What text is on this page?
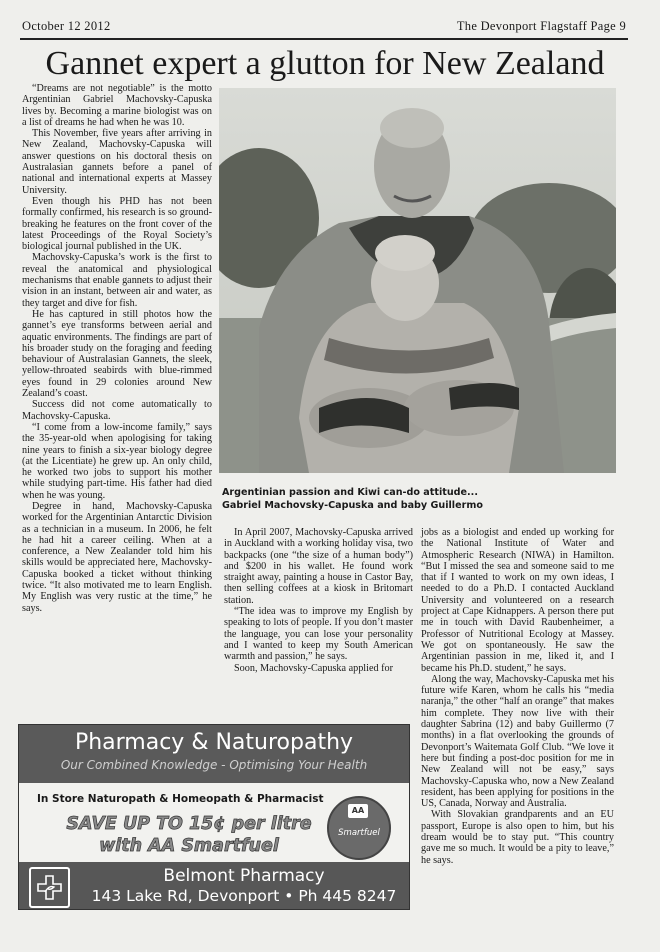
October 12 2012	The Devonport Flagstaff Page 9
Gannet expert a glutton for New Zealand

“Dreams are not negotiable” is the motto Argentinian Gabriel Machovsky-Capuska lives by. Becoming a marine biologist was on a list of dreams he had when he was 10.

This November, five years after arriving in New Zealand, Machovsky-Capuska will answer questions on his doctoral thesis on Australasian gannets before a panel of national and international experts at Massey University.

Even though his PHD has not been formally confirmed, his research is so ground-breaking he features on the front cover of the latest Proceedings of the Royal Society’s biological journal published in the UK.

Machovsky-Capuska’s work is the first to reveal the anatomical and physiological mechanisms that enable gannets to adjust their vision in an instant, between air and water, as they target and dive for fish.

He has captured in still photos how the gannet’s eye transforms between aerial and aquatic environments. The findings are part of his broader study on the foraging and feeding behaviour of Australasian Gannets, the sleek, yellow-throated seabirds with blue-rimmed eyes found in 29 colonies around New Zealand’s coast.

Success did not come automatically to Machovsky-Capuska.

“I come from a low-income family,” says the 35-year-old when apologising for taking nine years to finish a six-year biology degree (at the Licentiate) he grew up. An only child, he worked two jobs to support his mother while studying part-time. His father had died when he was young.

Degree in hand, Machovsky-Capuska worked for the Argentinian Antarctic Division as a technician in a museum. In 2006, he felt he had hit a career ceiling. When at a conference, a New Zealander told him his skills would be appreciated here, Machovsky-Capuska booked a ticket without thinking twice. “It also motivated me to learn English. My English was very rustic at the time,” he says.

Argentinian passion and Kiwi can-do attitude...
Gabriel Machovsky-Capuska and baby Guillermo

In April 2007, Machovsky-Capuska arrived in Auckland with a working holiday visa, two backpacks (one “the size of a human body”) and $200 in his wallet. He found work straight away, painting a house in Castor Bay, then selling coffees at a kiosk in Britomart station.

“The idea was to improve my English by speaking to lots of people. If you don’t master the language, you can lose your personality and I wanted to keep my South American warmth and passion,” he says.

Soon, Machovsky-Capuska applied for

jobs as a biologist and ended up working for the National Institute of Water and Atmospheric Research (NIWA) in Hamilton. “But I missed the sea and someone said to me that if I wanted to work on my own ideas, I needed to do a Ph.D. I contacted Auckland University and volunteered on a research project at Cape Kidnappers. A person there put me in touch with David Raubenheimer, a Professor of Nutritional Ecology at Massey. We got on spontaneously. He saw the Argentinian passion in me, liked it, and I became his Ph.D. student,” he says.

Along the way, Machovsky-Capuska met his future wife Karen, whom he calls his “media naranja,” the other “half an orange” that makes him complete. They now live with their daughter Sabrina (12) and baby Guillermo (7 months) in a flat overlooking the grounds of Devonport’s Waitemata Golf Club. “We love it here but finding a post-doc position for me in New Zealand will not be easy,” says Machovsky-Capuska who, now a New Zealand resident, has been applying for positions in the US, Canada, Norway and Australia.

With Slovakian grandparents and an EU passport, Europe is also open to him, but his dream would be to stay put. “This country gave me so much. It would be a pity to leave,” he says.

Pharmacy & Naturopathy
Our Combined Knowledge - Optimising Your Health
In Store Naturopath & Homeopath & Pharmacist
SAVE UP TO 15¢ per litre
with AA Smartfuel
AA
Smartfuel
Belmont Pharmacy
143 Lake Rd, Devonport • Ph 445 8247
